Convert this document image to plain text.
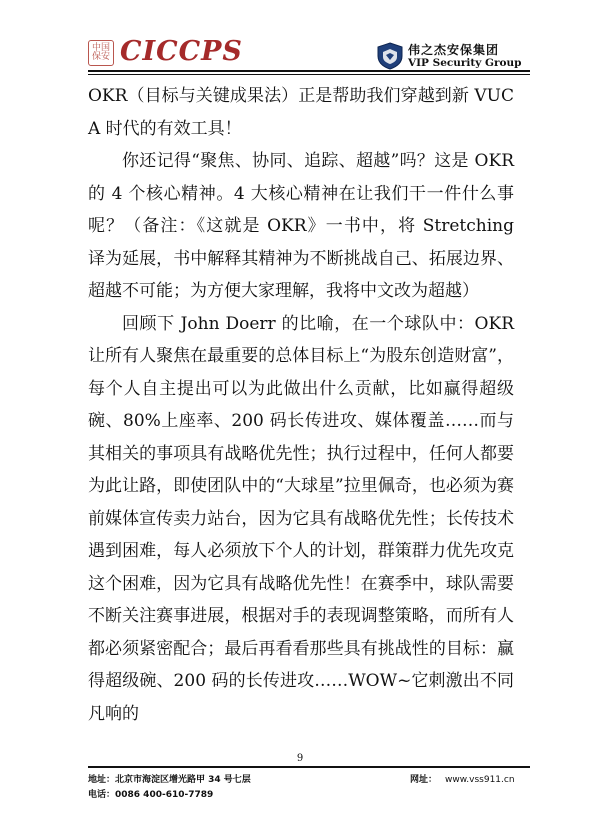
中国
保安 CICCPS	伟之杰安保集团
VIP Security Group

OKR（目标与关键成果法）正是帮助我们穿越到新 VUCA 时代的有效工具！

你还记得“聚焦、协同、追踪、超越”吗？这是 OKR 的 4 个核心精神。4 大核心精神在让我们干一件什么事呢？（备注：《这就是 OKR》一书中，将 Stretching 译为延展，书中解释其精神为不断挑战自己、拓展边界、超越不可能；为方便大家理解，我将中文改为超越）

回顾下 John Doerr 的比喻，在一个球队中：OKR 让所有人聚焦在最重要的总体目标上“为股东创造财富”，每个人自主提出可以为此做出什么贡献，比如赢得超级碗、80%上座率、200 码长传进攻、媒体覆盖……而与其相关的事项具有战略优先性；执行过程中，任何人都要为此让路，即使团队中的“大球星”拉里佩奇，也必须为赛前媒体宣传卖力站台，因为它具有战略优先性；长传技术遇到困难，每人必须放下个人的计划，群策群力优先攻克这个困难，因为它具有战略优先性！在赛季中，球队需要不断关注赛事进展，根据对手的表现调整策略，而所有人都必须紧密配合；最后再看看那些具有挑战性的目标：赢得超级碗、200 码的长传进攻……WOW~它刺激出不同凡响的

9
地址：北京市海淀区增光路甲 34 号七层
电话：0086 400-610-7789
网址： www.vss911.cn
